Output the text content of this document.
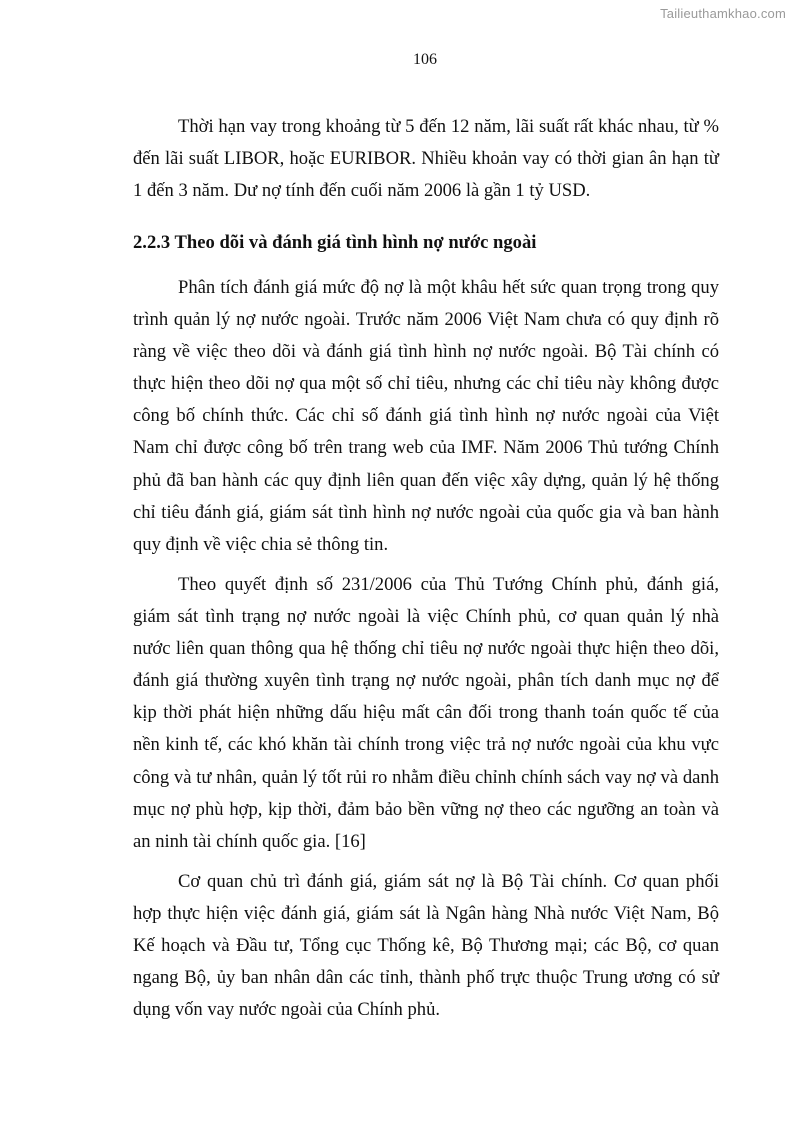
Tailieuthamkhao.com
106
2.2.3 Theo dõi và đánh giá tình hình nợ nước ngoài
Thời hạn vay trong khoảng từ 5 đến 12 năm, lãi suất rất khác nhau, từ %
đến lãi suất LIBOR, hoặc EURIBOR. Nhiều khoản vay có thời gian ân hạn từ
1 đến 3 năm. Dư nợ tính đến cuối năm 2006 là gần 1 tỷ USD.
Phân tích đánh giá mức độ nợ là một khâu hết sức quan trọng trong quy
trình quản lý nợ nước ngoài. Trước năm 2006 Việt Nam chưa có quy định rõ
ràng về việc theo dõi và đánh giá tình hình nợ nước ngoài. Bộ Tài chính có
thực hiện theo dõi nợ qua một số chỉ tiêu, nhưng các chỉ tiêu này không được
công bố chính thức. Các chỉ số đánh giá tình hình nợ nước ngoài của Việt
Nam chỉ được công bố trên trang web của IMF. Năm 2006 Thủ tướng Chính
phủ đã ban hành các quy định liên quan đến việc xây dựng, quản lý hệ thống
chỉ tiêu đánh giá, giám sát tình hình nợ nước ngoài của quốc gia và ban hành
quy định về việc chia sẻ thông tin.
Theo quyết định số 231/2006 của Thủ Tướng Chính phủ, đánh giá,
giám sát tình trạng nợ nước ngoài là việc Chính phủ, cơ quan quản lý nhà
nước liên quan thông qua hệ thống chỉ tiêu nợ nước ngoài thực hiện theo dõi,
đánh giá thường xuyên tình trạng nợ nước ngoài, phân tích danh mục nợ để
kịp thời phát hiện những dấu hiệu mất cân đối trong thanh toán quốc tế của
nền kinh tế, các khó khăn tài chính trong việc trả nợ nước ngoài của khu vực
công và tư nhân, quản lý tốt rủi ro nhằm điều chỉnh chính sách vay nợ và danh
mục nợ phù hợp, kịp thời, đảm bảo bền vững nợ theo các ngưỡng an toàn và
an ninh tài chính quốc gia. [16]
Cơ quan chủ trì đánh giá, giám sát nợ là Bộ Tài chính. Cơ quan phối
hợp thực hiện việc đánh giá, giám sát là Ngân hàng Nhà nước Việt Nam, Bộ
Kế hoạch và Đầu tư, Tổng cục Thống kê, Bộ Thương mại; các Bộ, cơ quan
ngang Bộ, ủy ban nhân dân các tỉnh, thành phố trực thuộc Trung ương có sử
dụng vốn vay nước ngoài của Chính phủ.
